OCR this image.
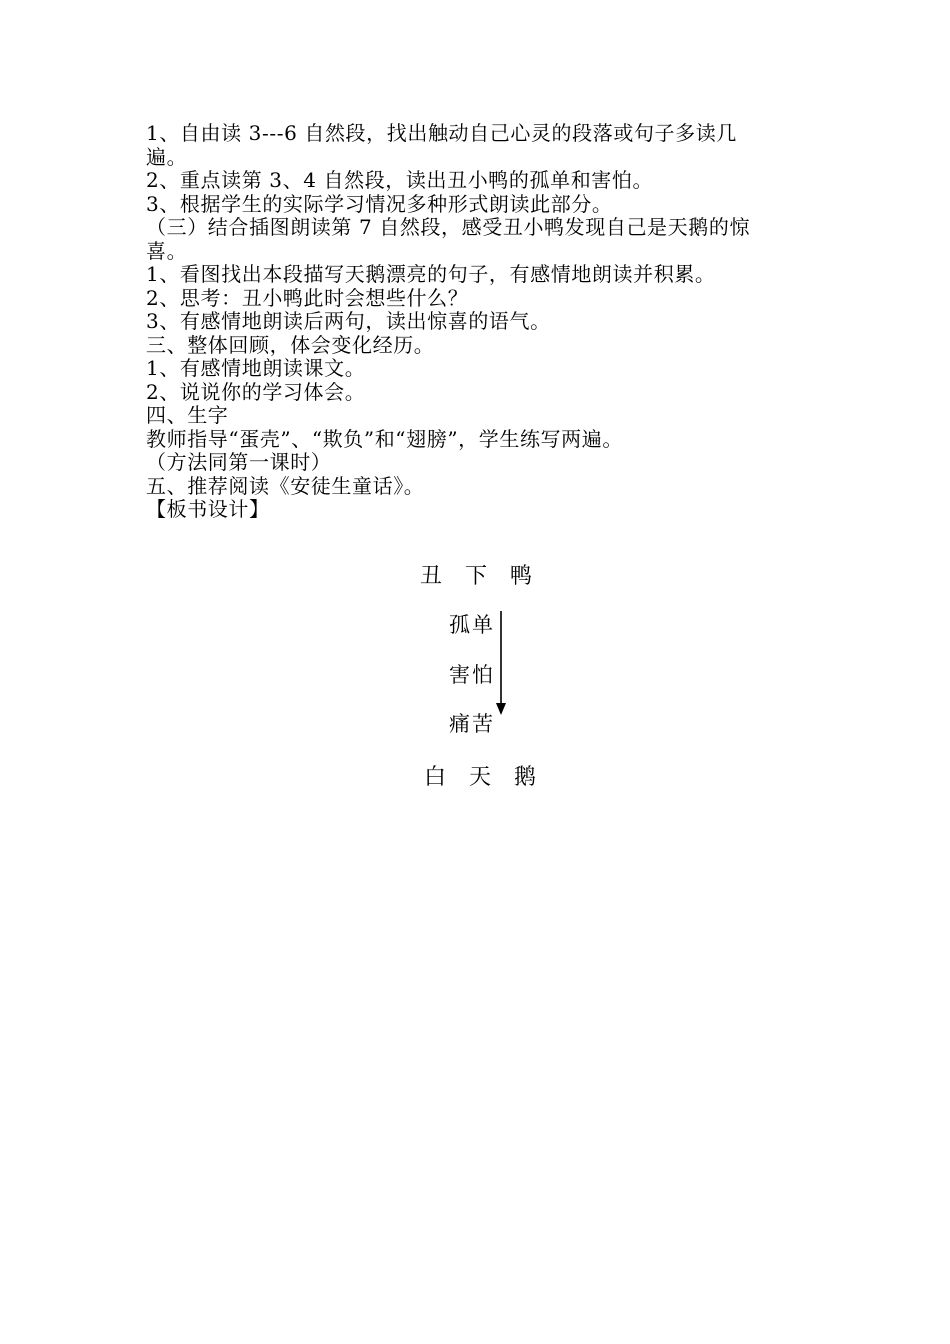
1、自由读 3---6 自然段，找出触动自己心灵的段落或句子多读几
遍。
2、重点读第 3、4 自然段，读出丑小鸭的孤单和害怕。
3、根据学生的实际学习情况多种形式朗读此部分。
（三）结合插图朗读第 7 自然段，感受丑小鸭发现自己是天鹅的惊
喜。
1、看图找出本段描写天鹅漂亮的句子，有感情地朗读并积累。
2、思考：丑小鸭此时会想些什么？
3、有感情地朗读后两句，读出惊喜的语气。
三、整体回顾，体会变化经历。
1、有感情地朗读课文。
2、说说你的学习体会。
四、生字
教师指导“蛋壳”、“欺负”和“翅膀”，学生练写两遍。
（方法同第一课时）
五、推荐阅读《安徒生童话》。
【板书设计】
丑 下 鸭
孤单
害怕
痛苦
白 天 鹅
